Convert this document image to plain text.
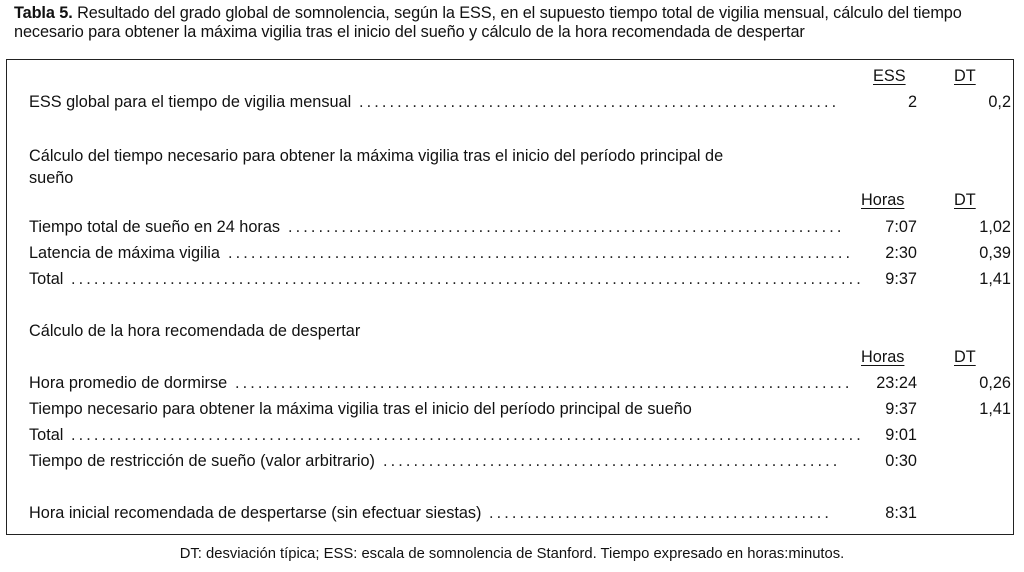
Tabla 5. Resultado del grado global de somnolencia, según la ESS, en el supuesto tiempo total de vigilia mensual, cálculo del tiempo necesario para obtener la máxima vigilia tras el inicio del sueño y cálculo de la hora recomendada de despertar
ESS	DT
ESS global para el tiempo de vigilia mensual ...............................................................	2	0,2
Cálculo del tiempo necesario para obtener la máxima vigilia tras el inicio del período principal de sueño
Horas	DT
Tiempo total de sueño en 24 horas .........................................................................	7:07	1,02
Latencia de máxima vigilia ..................................................................................	2:30	0,39
Total ........................................................................................................	9:37	1,41
Cálculo de la hora recomendada de despertar
Horas	DT
Hora promedio de dormirse .................................................................................	23:24	0,26
Tiempo necesario para obtener la máxima vigilia tras el inicio del período principal de sueño	9:37	1,41
Total ........................................................................................................	9:01
Tiempo de restricción de sueño (valor arbitrario) ............................................................	0:30
Hora inicial recomendada de despertarse (sin efectuar siestas) .............................................	8:31
DT: desviación típica; ESS: escala de somnolencia de Stanford. Tiempo expresado en horas:minutos.
